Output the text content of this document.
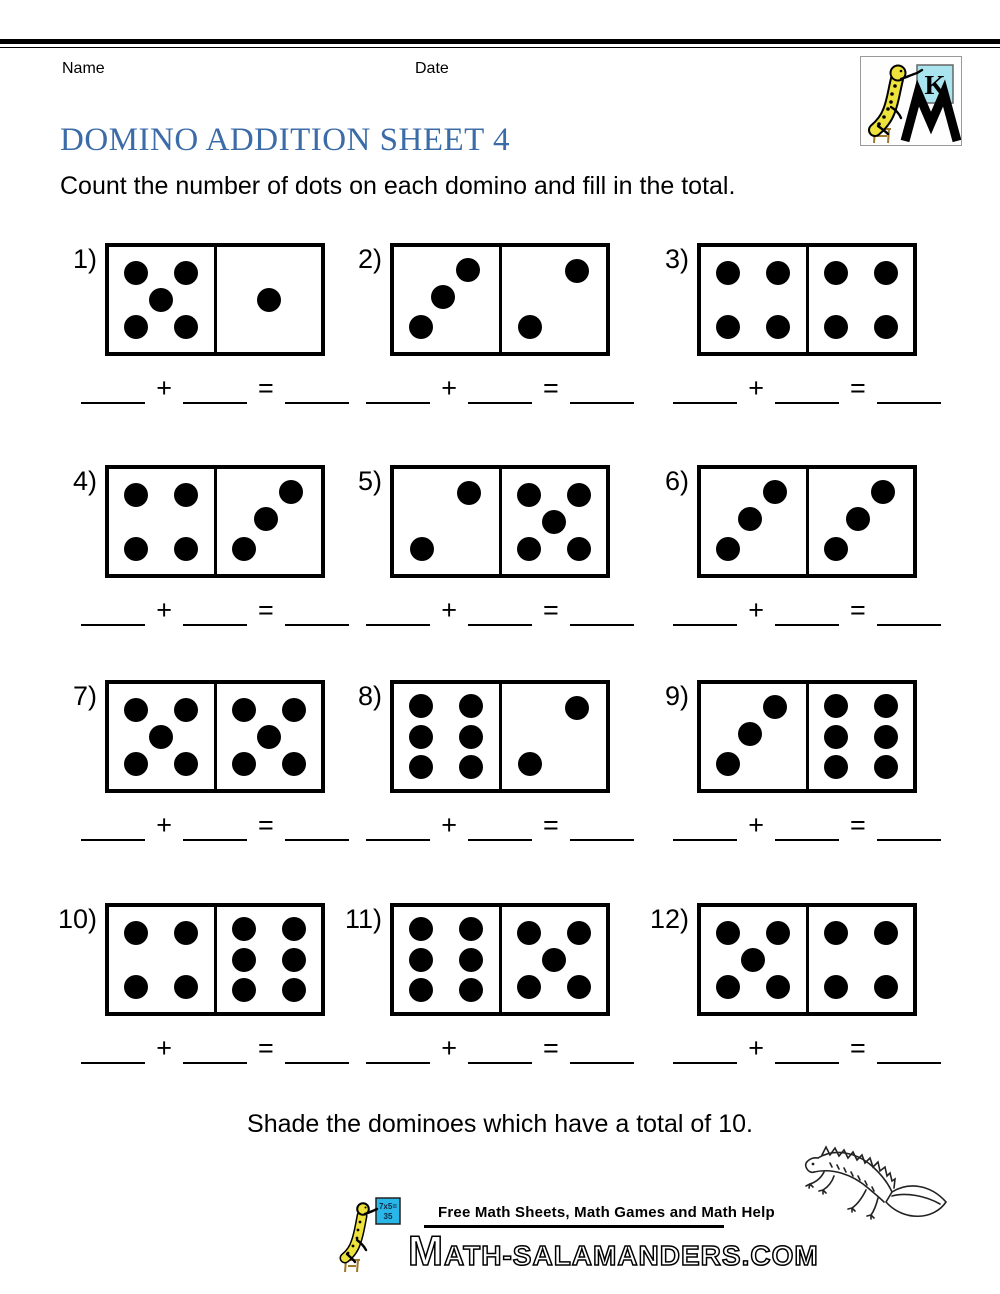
Name	Date
K
DOMINO ADDITION SHEET 4
Count the number of dots on each domino and fill in the total.
1)
+	=
2)
+	=
3)
+	=
4)
+	=
5)
+	=
6)
+	=
7)
+	=
8)
+	=
9)
+	=
10)
+	=
11)
+	=
12)
+	=
Shade the dominoes which have a total of 10.
7x5=
35	Free Math Sheets, Math Games and Math Help
MATH-SALAMANDERS.COM
